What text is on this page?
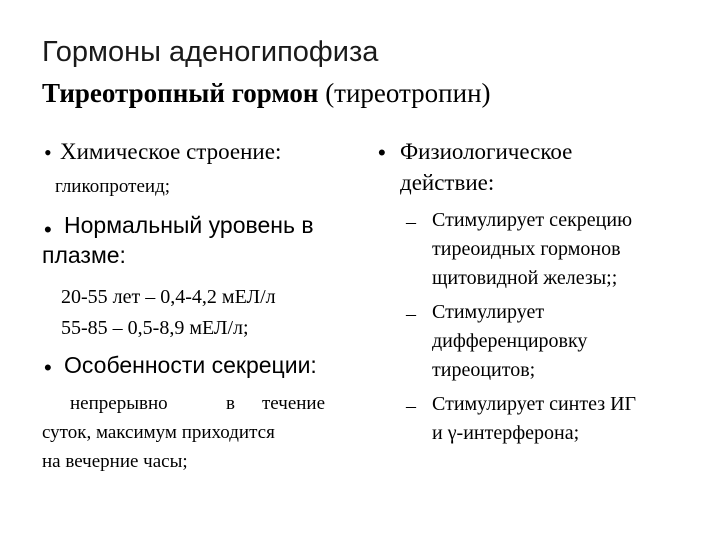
Гормоны аденогипофиза
Тиреотропный гормон (тиреотропин)
• Химическое строение:
гликопротеид;
• Нормальный уровень в
плазме:
20-55 лет – 0,4-4,2 мЕЛ/л
55-85 – 0,5-8,9 мЕЛ/л;
• Особенности секреции:
непрерывно	в течение
суток, максимум приходится
на вечерние часы;
• Физиологическое
действие:
– Стимулирует секрецию
тиреоидных гормонов
щитовидной железы;;
– Стимулирует
дифференцировку
тиреоцитов;
– Стимулирует синтез ИГ
и γ-интерферона;
